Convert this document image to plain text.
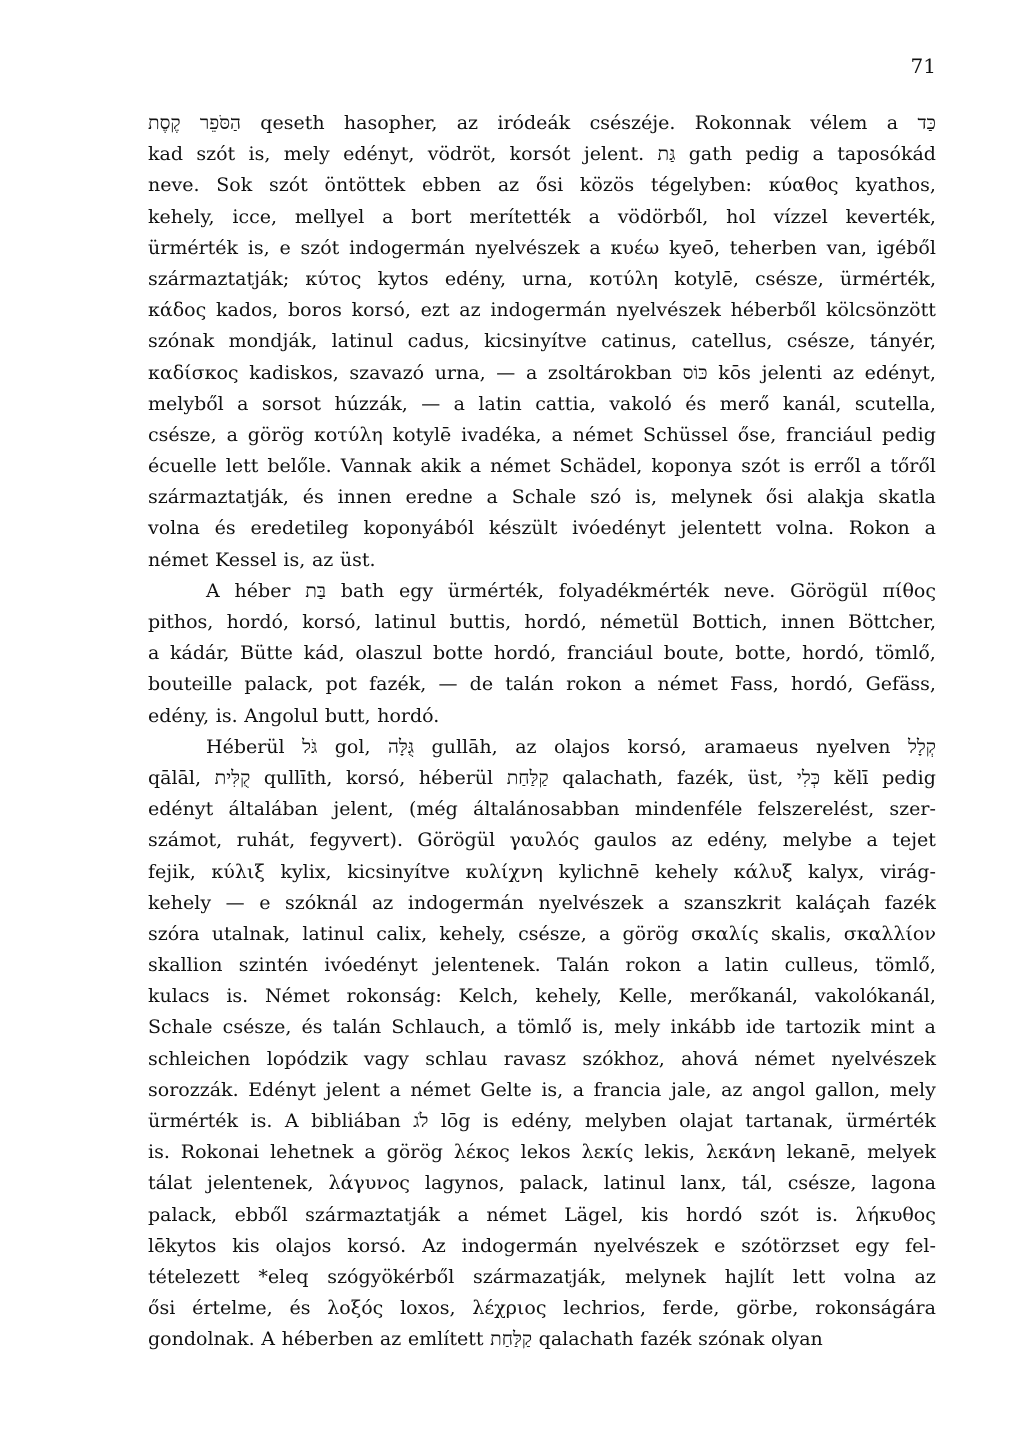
71
קֶסֶת הַסֹּפֵר qeseth hasopher, az iródeák csészéje. Rokonnak vélem a כַּד
kad szót is, mely edényt, vödröt, korsót jelent. גַּת gath pedig a taposókád
neve. Sok szót öntöttek ebben az ősi közös tégelyben: κύαθος kyathos,
kehely, icce, mellyel a bort merítették a vödörből, hol vízzel keverték,
ürmérték is, e szót indogermán nyelvészek a κυέω kyeō, teherben van, igéből
származtatják; κύτος kytos edény, urna, κοτύλη kotylē, csésze, ürmérték,
κάδος kados, boros korsó, ezt az indogermán nyelvészek héberből kölcsönzött
szónak mondják, latinul cadus, kicsinyítve catinus, catellus, csésze, tányér,
καδίσκος kadiskos, szavazó urna, — a zsoltárokban כּוֹס kōs jelenti az edényt,
melyből a sorsot húzzák, — a latin cattia, vakoló és merő kanál, scutella,
csésze, a görög κοτύλη kotylē ivadéka, a német Schüssel őse, franciául pedig
écuelle lett belőle. Vannak akik a német Schädel, koponya szót is erről a tőről
származtatják, és innen eredne a Schale szó is, melynek ősi alakja skatla
volna és eredetileg koponyából készült ivóedényt jelentett volna. Rokon a
német Kessel is, az üst.
A héber בַּת bath egy ürmérték, folyadékmérték neve. Görögül πίθος
pithos, hordó, korsó, latinul buttis, hordó, németül Bottich, innen Böttcher,
a kádár, Bütte kád, olaszul botte hordó, franciául boute, botte, hordó, tömlő,
bouteille palack, pot fazék, — de talán rokon a német Fass, hordó, Gefäss,
edény, is. Angolul butt, hordó.
Héberül גֹּל gol, גֻּלָּה gullāh, az olajos korsó, aramaeus nyelven קְלָל
qālāl, קֻלִּית qullīth, korsó, héberül קַלַּחַת qalachath, fazék, üst, כְּלִי kĕlī pedig
edényt általában jelent, (még általánosabban mindenféle felszerelést, szer-
számot, ruhát, fegyvert). Görögül γαυλός gaulos az edény, melybe a tejet
fejik, κύλιξ kylix, kicsinyítve κυλίχνη kylichnē kehely κάλυξ kalyx, virág-
kehely — e szóknál az indogermán nyelvészek a szanszkrit kaláçah fazék
szóra utalnak, latinul calix, kehely, csésze, a görög σκαλίς skalis, σκαλλίον
skallion szintén ivóedényt jelentenek. Talán rokon a latin culleus, tömlő,
kulacs is. Német rokonság: Kelch, kehely, Kelle, merőkanál, vakolókanál,
Schale csésze, és talán Schlauch, a tömlő is, mely inkább ide tartozik mint a
schleichen lopódzik vagy schlau ravasz szókhoz, ahová német nyelvészek
sorozzák. Edényt jelent a német Gelte is, a francia jale, az angol gallon, mely
ürmérték is. A bibliában לֹג lōg is edény, melyben olajat tartanak, ürmérték
is. Rokonai lehetnek a görög λέκος lekos λεκίς lekis, λεκάνη lekanē, melyek
tálat jelentenek, λάγυνος lagynos, palack, latinul lanx, tál, csésze, lagona
palack, ebből származtatják a német Lägel, kis hordó szót is. λήκυθος
lēkytos kis olajos korsó. Az indogermán nyelvészek e szótörzset egy fel-
tételezett *eleq szógyökérből származatják, melynek hajlít lett volna az
ősi értelme, és λοξός loxos, λέχριος lechrios, ferde, görbe, rokonságára
gondolnak. A héberben az említett קַלַּחַת qalachath fazék szónak olyan
